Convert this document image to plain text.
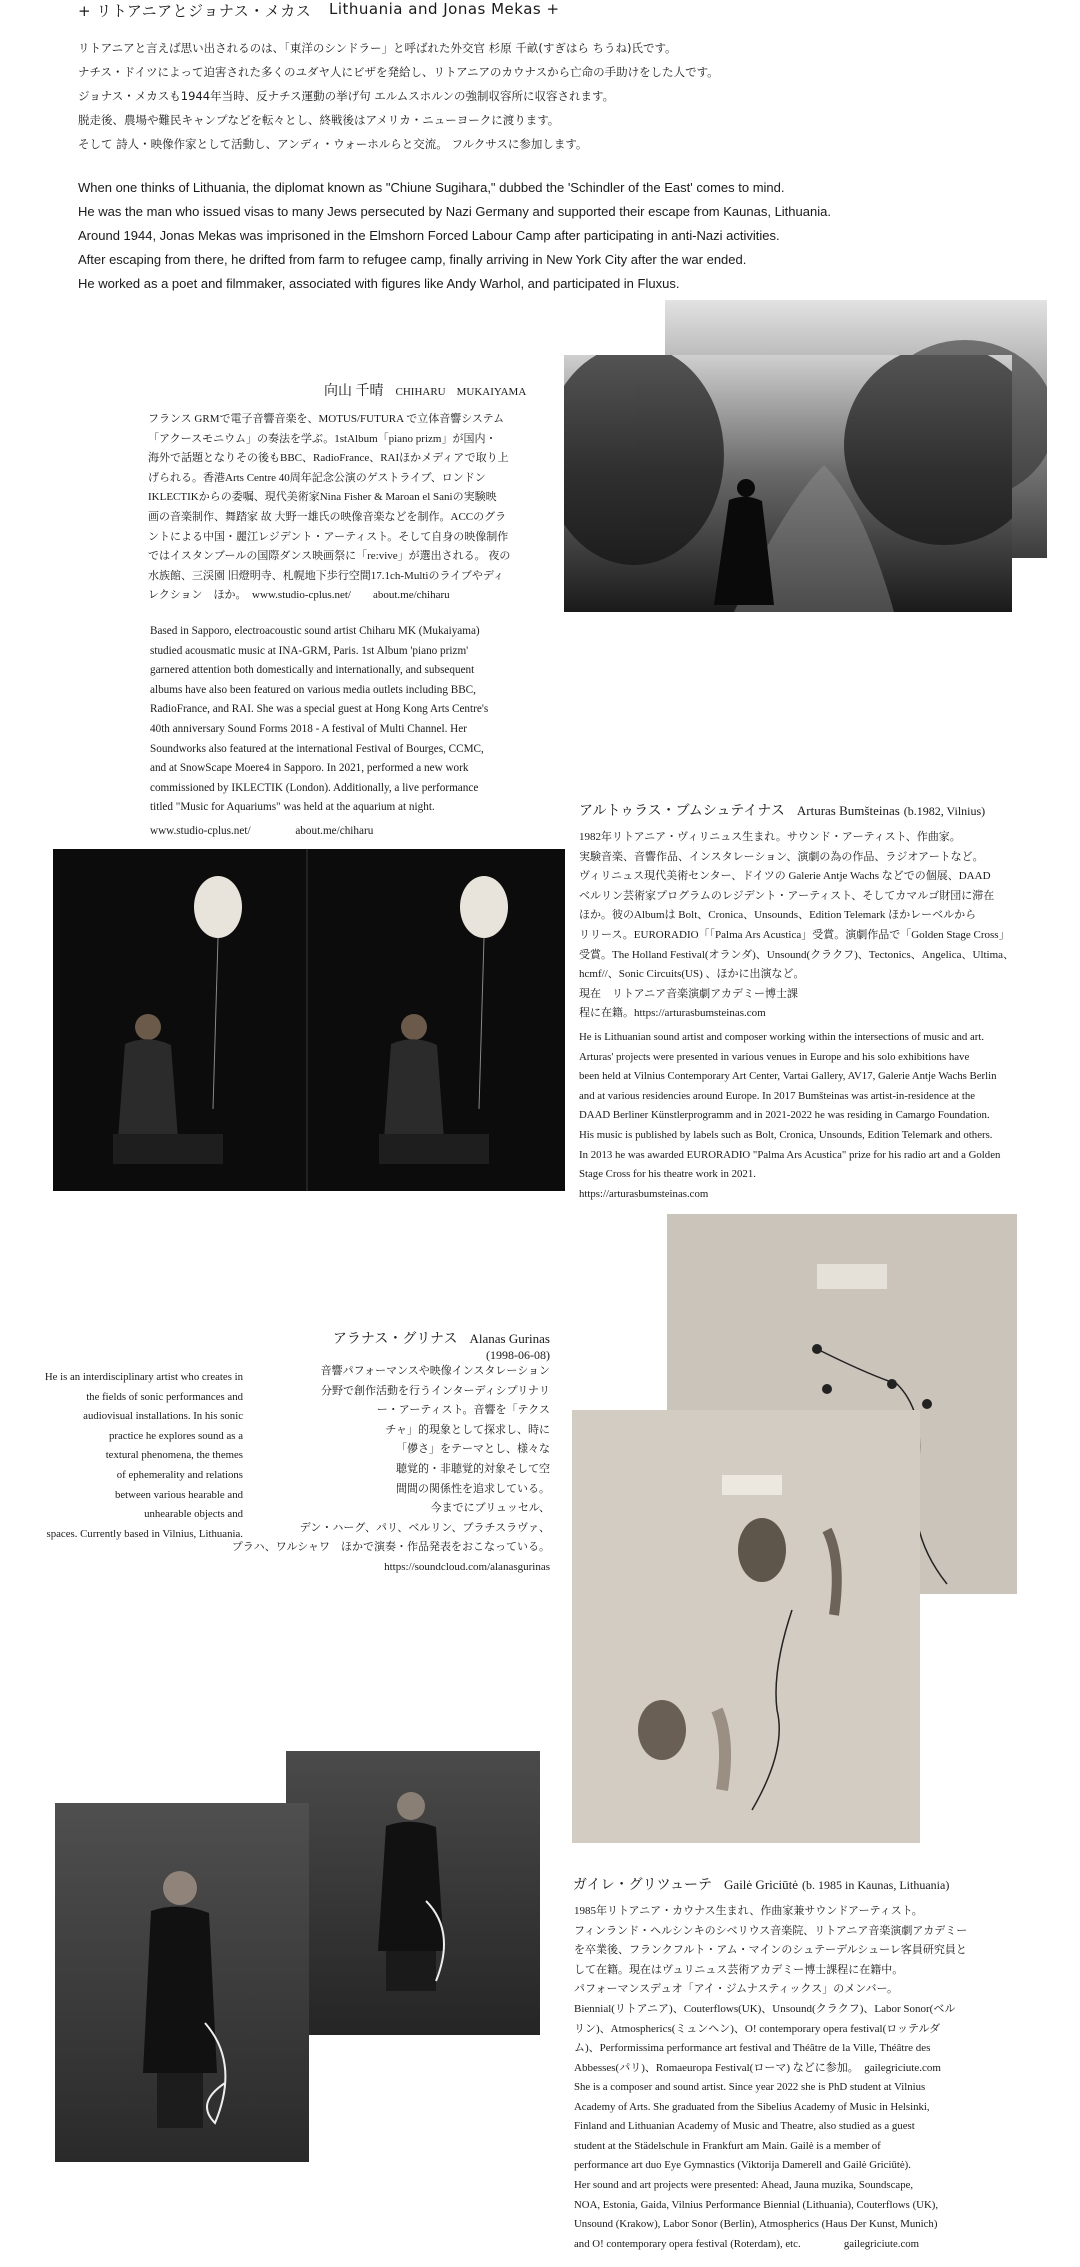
+ リトアニアとジョナス・メカス Lithuania and Jonas Mekas +
リトアニアと言えば思い出されるのは、「東洋のシンドラー」と呼ばれた外交官 杉原 千畝(すぎはら ちうね)氏です。
ナチス・ドイツによって迫害された多くのユダヤ人にビザを発給し、リトアニアのカウナスから亡命の手助けをした人です。
ジョナス・メカスも1944年当時、反ナチス運動の挙げ句 エルムスホルンの強制収容所に収容されます。
脱走後、農場や難民キャンプなどを転々とし、終戦後はアメリカ・ニューヨークに渡ります。
そして 詩人・映像作家として活動し、アンディ・ウォーホルらと交流。 フルクサスに参加します。
When one thinks of Lithuania, the diplomat known as "Chiune Sugihara," dubbed the 'Schindler of the East' comes to mind.
He was the man who issued visas to many Jews persecuted by Nazi Germany and supported their escape from Kaunas, Lithuania.
Around 1944, Jonas Mekas was imprisoned in the Elmshorn Forced Labour Camp after participating in anti-Nazi activities.
After escaping from there, he drifted from farm to refugee camp, finally arriving in New York City after the war ended.
He worked as a poet and filmmaker, associated with figures like Andy Warhol, and participated in Fluxus.
向山 千晴 CHIHARU　MUKAIYAMA
フランス GRMで電子音響音楽を、MOTUS/FUTURA で立体音響システム
「アクースモニウム」の奏法を学ぶ。1stAlbum「piano prizm」が国内・
海外で話題となりその後もBBC、RadioFrance、RAIほかメディアで取り上
げられる。香港Arts Centre 40周年記念公演のゲストライブ、ロンドン
IKLECTIKからの委嘱、現代美術家Nina Fisher & Maroan el Saniの実験映
画の音楽制作、舞踏家 故 大野一雄氏の映像音楽などを制作。ACCのグラ
ントによる中国・麗江レジデント・アーティスト。そして自身の映像制作
ではイスタンブールの国際ダンス映画祭に「re:vive」が選出される。 夜の
水族館、三渓園 旧燈明寺、札幌地下歩行空間17.1ch-Multiのライブやディ
レクション　ほか。　www.studio-cplus.net/　　about.me/chiharu
Based in Sapporo, electroacoustic sound artist Chiharu MK (Mukaiyama)
studied acousmatic music at INA-GRM, Paris. 1st Album 'piano prizm'
garnered attention both domestically and internationally, and subsequent
albums have also been featured on various media outlets including BBC,
RadioFrance, and RAI. She was a special guest at Hong Kong Arts Centre's
40th anniversary Sound Forms 2018 - A festival of Multi Channel. Her
Soundworks also featured at the international Festival of Bourges, CCMC,
and at SnowScape Moere4 in Sapporo. In 2021, performed a new work
commissioned by IKLECTIK (London). Additionally, a live performance
titled "Music for Aquariums" was held at the aquarium at night.
www.studio-cplus.net/　　　　about.me/chiharu
アルトゥラス・ブムシュテイナス Arturas Bumšteinas (b.1982, Vilnius)
1982年リトアニア・ヴィリニュス生まれ。サウンド・アーティスト、作曲家。
実験音楽、音響作品、インスタレーション、演劇の為の作品、ラジオアートなど。
ヴィリニュス現代美術センター、ドイツの Galerie Antje Wachs などでの個展、DAAD
ベルリン芸術家プログラムのレジデント・アーティスト、そしてカマルゴ財団に滞在
ほか。彼のAlbumは Bolt、Cronica、Unsounds、Edition Telemark ほかレーベルから
リリース。EURORADIO「「Palma Ars Acustica」受賞。演劇作品で「Golden Stage Cross」
受賞。The Holland Festival(オランダ)、Unsound(クラクフ)、Tectonics、Angelica、Ultima、
hcmf//、Sonic Circuits(US) 、ほかに出演など。
現在　リトアニア音楽演劇アカデミー博士課
程に在籍。https://arturasbumsteinas.com
He is Lithuanian sound artist and composer working within the intersections of music and art.
Arturas' projects were presented in various venues in Europe and his solo exhibitions have
been held at Vilnius Contemporary Art Center, Vartai Gallery, AV17, Galerie Antje Wachs Berlin
and at various residencies around Europe. In 2017 Bumšteinas was artist-in-residence at the
DAAD Berliner Künstlerprogramm and in 2021-2022 he was residing in Camargo Foundation.
His music is published by labels such as Bolt, Cronica, Unsounds, Edition Telemark and others.
In 2013 he was awarded EURORADIO "Palma Ars Acustica" prize for his radio art and a Golden
Stage Cross for his theatre work in 2021.
https://arturasbumsteinas.com
He is an interdisciplinary artist who creates in
the fields of sonic performances and
audiovisual installations. In his sonic
practice he explores sound as a
textural phenomena, the themes
of ephemerality and relations
between various hearable and
unhearable objects and
spaces. Currently based in Vilnius, Lithuania.
アラナス・グリナス Alanas Gurinas
(1998-06-08)
音響パフォーマンスや映像インスタレーション
分野で創作活動を行うインターディシプリナリ
ー・アーティスト。音響を「テクス
チャ」的現象として探求し、時に
「儚さ」をテーマとし、様々な
聴覚的・非聴覚的対象そして空
間間の関係性を追求している。
今までにブリュッセル、
デン・ハーグ、パリ、ベルリン、ブラチスラヴァ、
プラハ、ワルシャワ　ほかで演奏・作品発表をおこなっている。
https://soundcloud.com/alanasgurinas
ガイレ・グリツューテ Gailė Griciūtė (b. 1985 in Kaunas, Lithuania)
1985年リトアニア・カウナス生まれ、作曲家兼サウンドアーティスト。
フィンランド・ヘルシンキのシベリウス音楽院、リトアニア音楽演劇アカデミー
を卒業後、フランクフルト・アム・マインのシュテーデルシューレ客員研究員と
して在籍。現在はヴュリニュス芸術アカデミー博士課程に在籍中。
パフォーマンスデュオ「アイ・ジムナスティックス」のメンバー。
Biennial(リトアニア)、Couterflows(UK)、Unsound(クラクフ)、Labor Sonor(ベル
リン)、Atmospherics(ミュンヘン)、O! contemporary opera festival(ロッテルダ
ム)、Performissima performance art festival and Théâtre de la Ville, Théâtre des
Abbesses(パリ)、Romaeuropa Festival(ローマ) などに参加。　gailegriciute.com
She is a composer and sound artist. Since year 2022 she is PhD student at Vilnius
Academy of Arts. She graduated from the Sibelius Academy of Music in Helsinki,
Finland and Lithuanian Academy of Music and Theatre, also studied as a guest
student at the Städelschule in Frankfurt am Main. Gailė is a member of
performance art duo Eye Gymnastics (Viktorija Damerell and Gailė Griciūtė).
Her sound and art projects were presented: Ahead, Jauna muzika, Soundscape,
NOA, Estonia, Gaida, Vilnius Performance Biennial (Lithuania), Couterflows (UK),
Unsound (Krakow), Labor Sonor (Berlin), Atmospherics (Haus Der Kunst, Munich)
and O! contemporary opera festival (Roterdam), etc.　　　　gailegriciute.com
